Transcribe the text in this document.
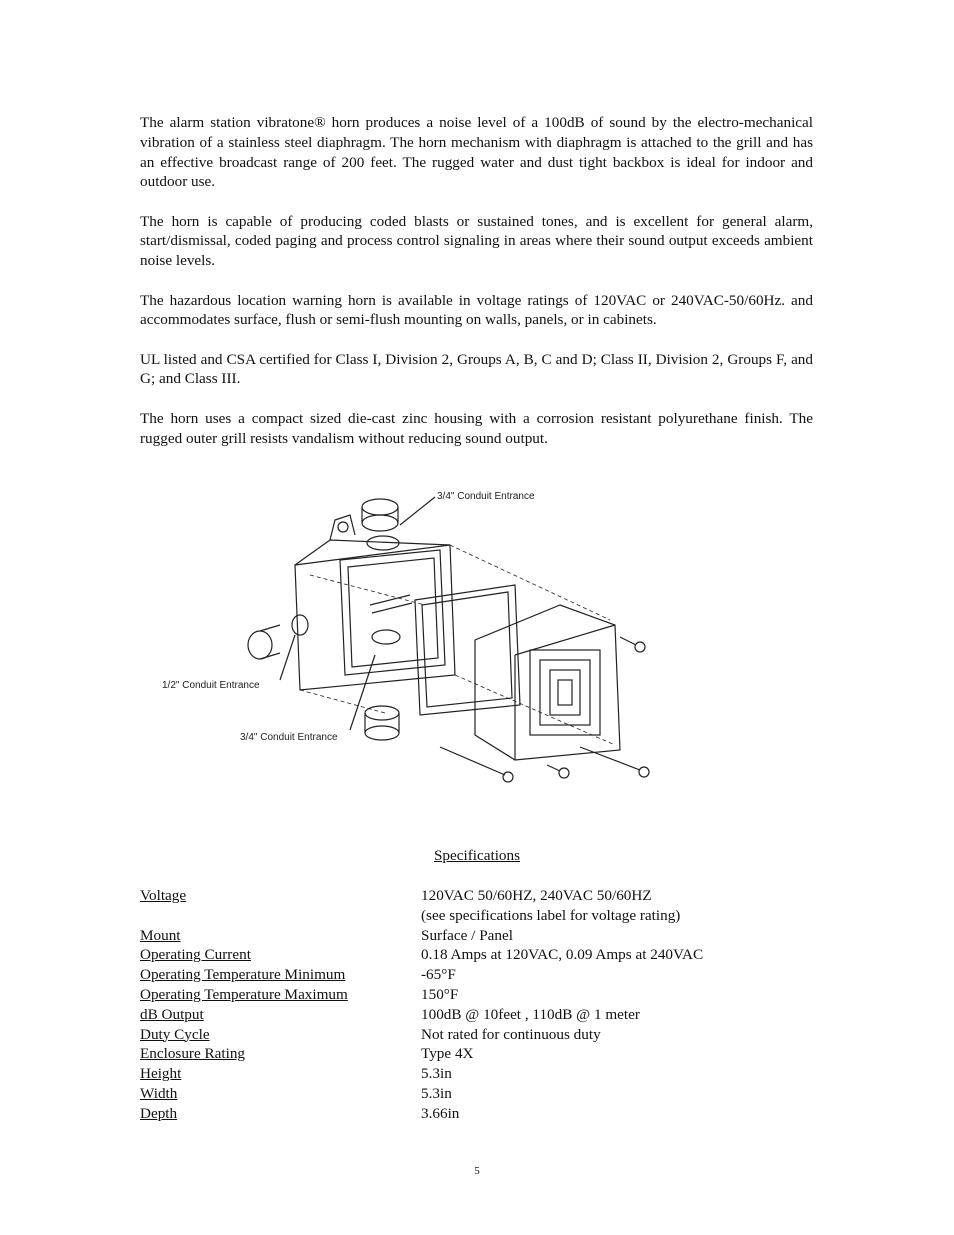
The alarm station vibratone® horn produces a noise level of a 100dB of sound by the electro-mechanical vibration of a stainless steel diaphragm. The horn mechanism with diaphragm is attached to the grill and has an effective broadcast range of 200 feet. The rugged water and dust tight backbox is ideal for indoor and outdoor use.

The horn is capable of producing coded blasts or sustained tones, and is excellent for general alarm, start/dismissal, coded paging and process control signaling in areas where their sound output exceeds ambient noise levels.

The hazardous location warning horn is available in voltage ratings of 120VAC or 240VAC-50/60Hz. and accommodates surface, flush or semi-flush mounting on walls, panels, or in cabinets.

UL listed and CSA certified for Class I, Division 2, Groups A, B, C and D; Class II, Division 2, Groups F, and G; and Class III.

The horn uses a compact sized die-cast zinc housing with a corrosion resistant polyurethane finish. The rugged outer grill resists vandalism without reducing sound output.

3/4" Conduit Entrance
1/2" Conduit Entrance
3/4" Conduit Entrance
Specifications
Voltage	120VAC 50/60HZ, 240VAC 50/60HZ
(see specifications label for voltage rating)
Mount	Surface / Panel
Operating Current	0.18 Amps at 120VAC, 0.09 Amps at 240VAC
Operating Temperature Minimum	-65°F
Operating Temperature Maximum	150°F
dB Output	100dB @ 10feet , 110dB @ 1 meter
Duty Cycle	Not rated for continuous duty
Enclosure Rating	Type 4X
Height	5.3in
Width	5.3in
Depth	3.66in
5
